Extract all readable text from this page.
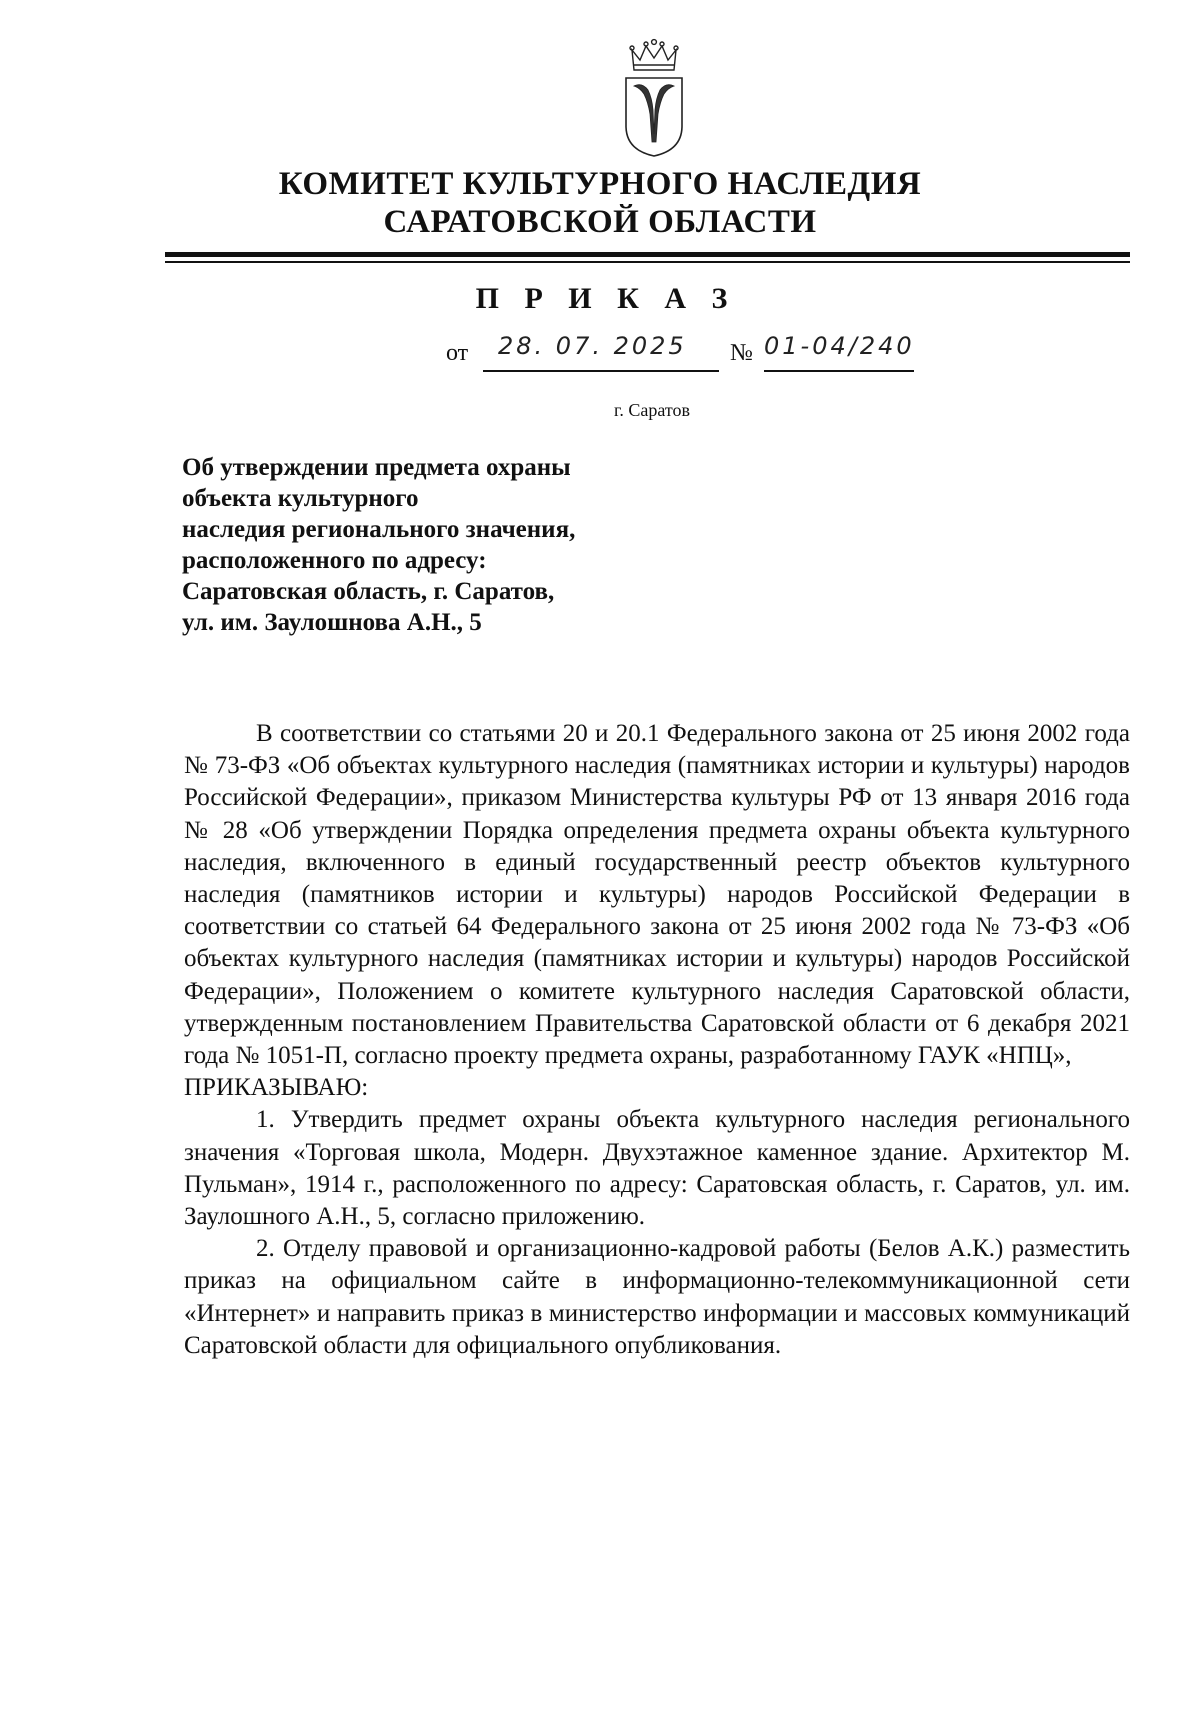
КОМИТЕТ КУЛЬТУРНОГО НАСЛЕДИЯ
САРАТОВСКОЙ ОБЛАСТИ
П Р И К А З
от 28. 07. 2025 № 01-04/240
г. Саратов
Об утверждении предмета охраны
объекта культурного
наследия регионального значения,
расположенного по адресу:
Саратовская область, г. Саратов,
ул. им. Заулошнова А.Н., 5

В соответствии со статьями 20 и 20.1 Федерального закона от 25 июня 2002 года № 73-ФЗ «Об объектах культурного наследия (памятниках истории и культуры) народов Российской Федерации», приказом Министерства культуры РФ от 13 января 2016 года № 28 «Об утверждении Порядка определения предмета охраны объекта культурного наследия, включенного в единый государственный реестр объектов культурного наследия (памятников истории и культуры) народов Российской Федерации в соответствии со статьей 64 Федерального закона от 25 июня 2002 года № 73-ФЗ «Об объектах культурного наследия (памятниках истории и культуры) народов Российской Федерации», Положением о комитете культурного наследия Саратовской области, утвержденным постановлением Правительства Саратовской области от 6 декабря 2021 года № 1051-П, согласно проекту предмета охраны, разработанному ГАУК «НПЦ»,

ПРИКАЗЫВАЮ:

1. Утвердить предмет охраны объекта культурного наследия регионального значения «Торговая школа, Модерн. Двухэтажное каменное здание. Архитектор М. Пульман», 1914 г., расположенного по адресу: Саратовская область, г. Саратов, ул. им. Заулошного А.Н., 5, согласно приложению.

2. Отделу правовой и организационно-кадровой работы (Белов А.К.) разместить приказ на официальном сайте в информационно-телекоммуникационной сети «Интернет» и направить приказ в министерство информации и массовых коммуникаций Саратовской области для официального опубликования.
